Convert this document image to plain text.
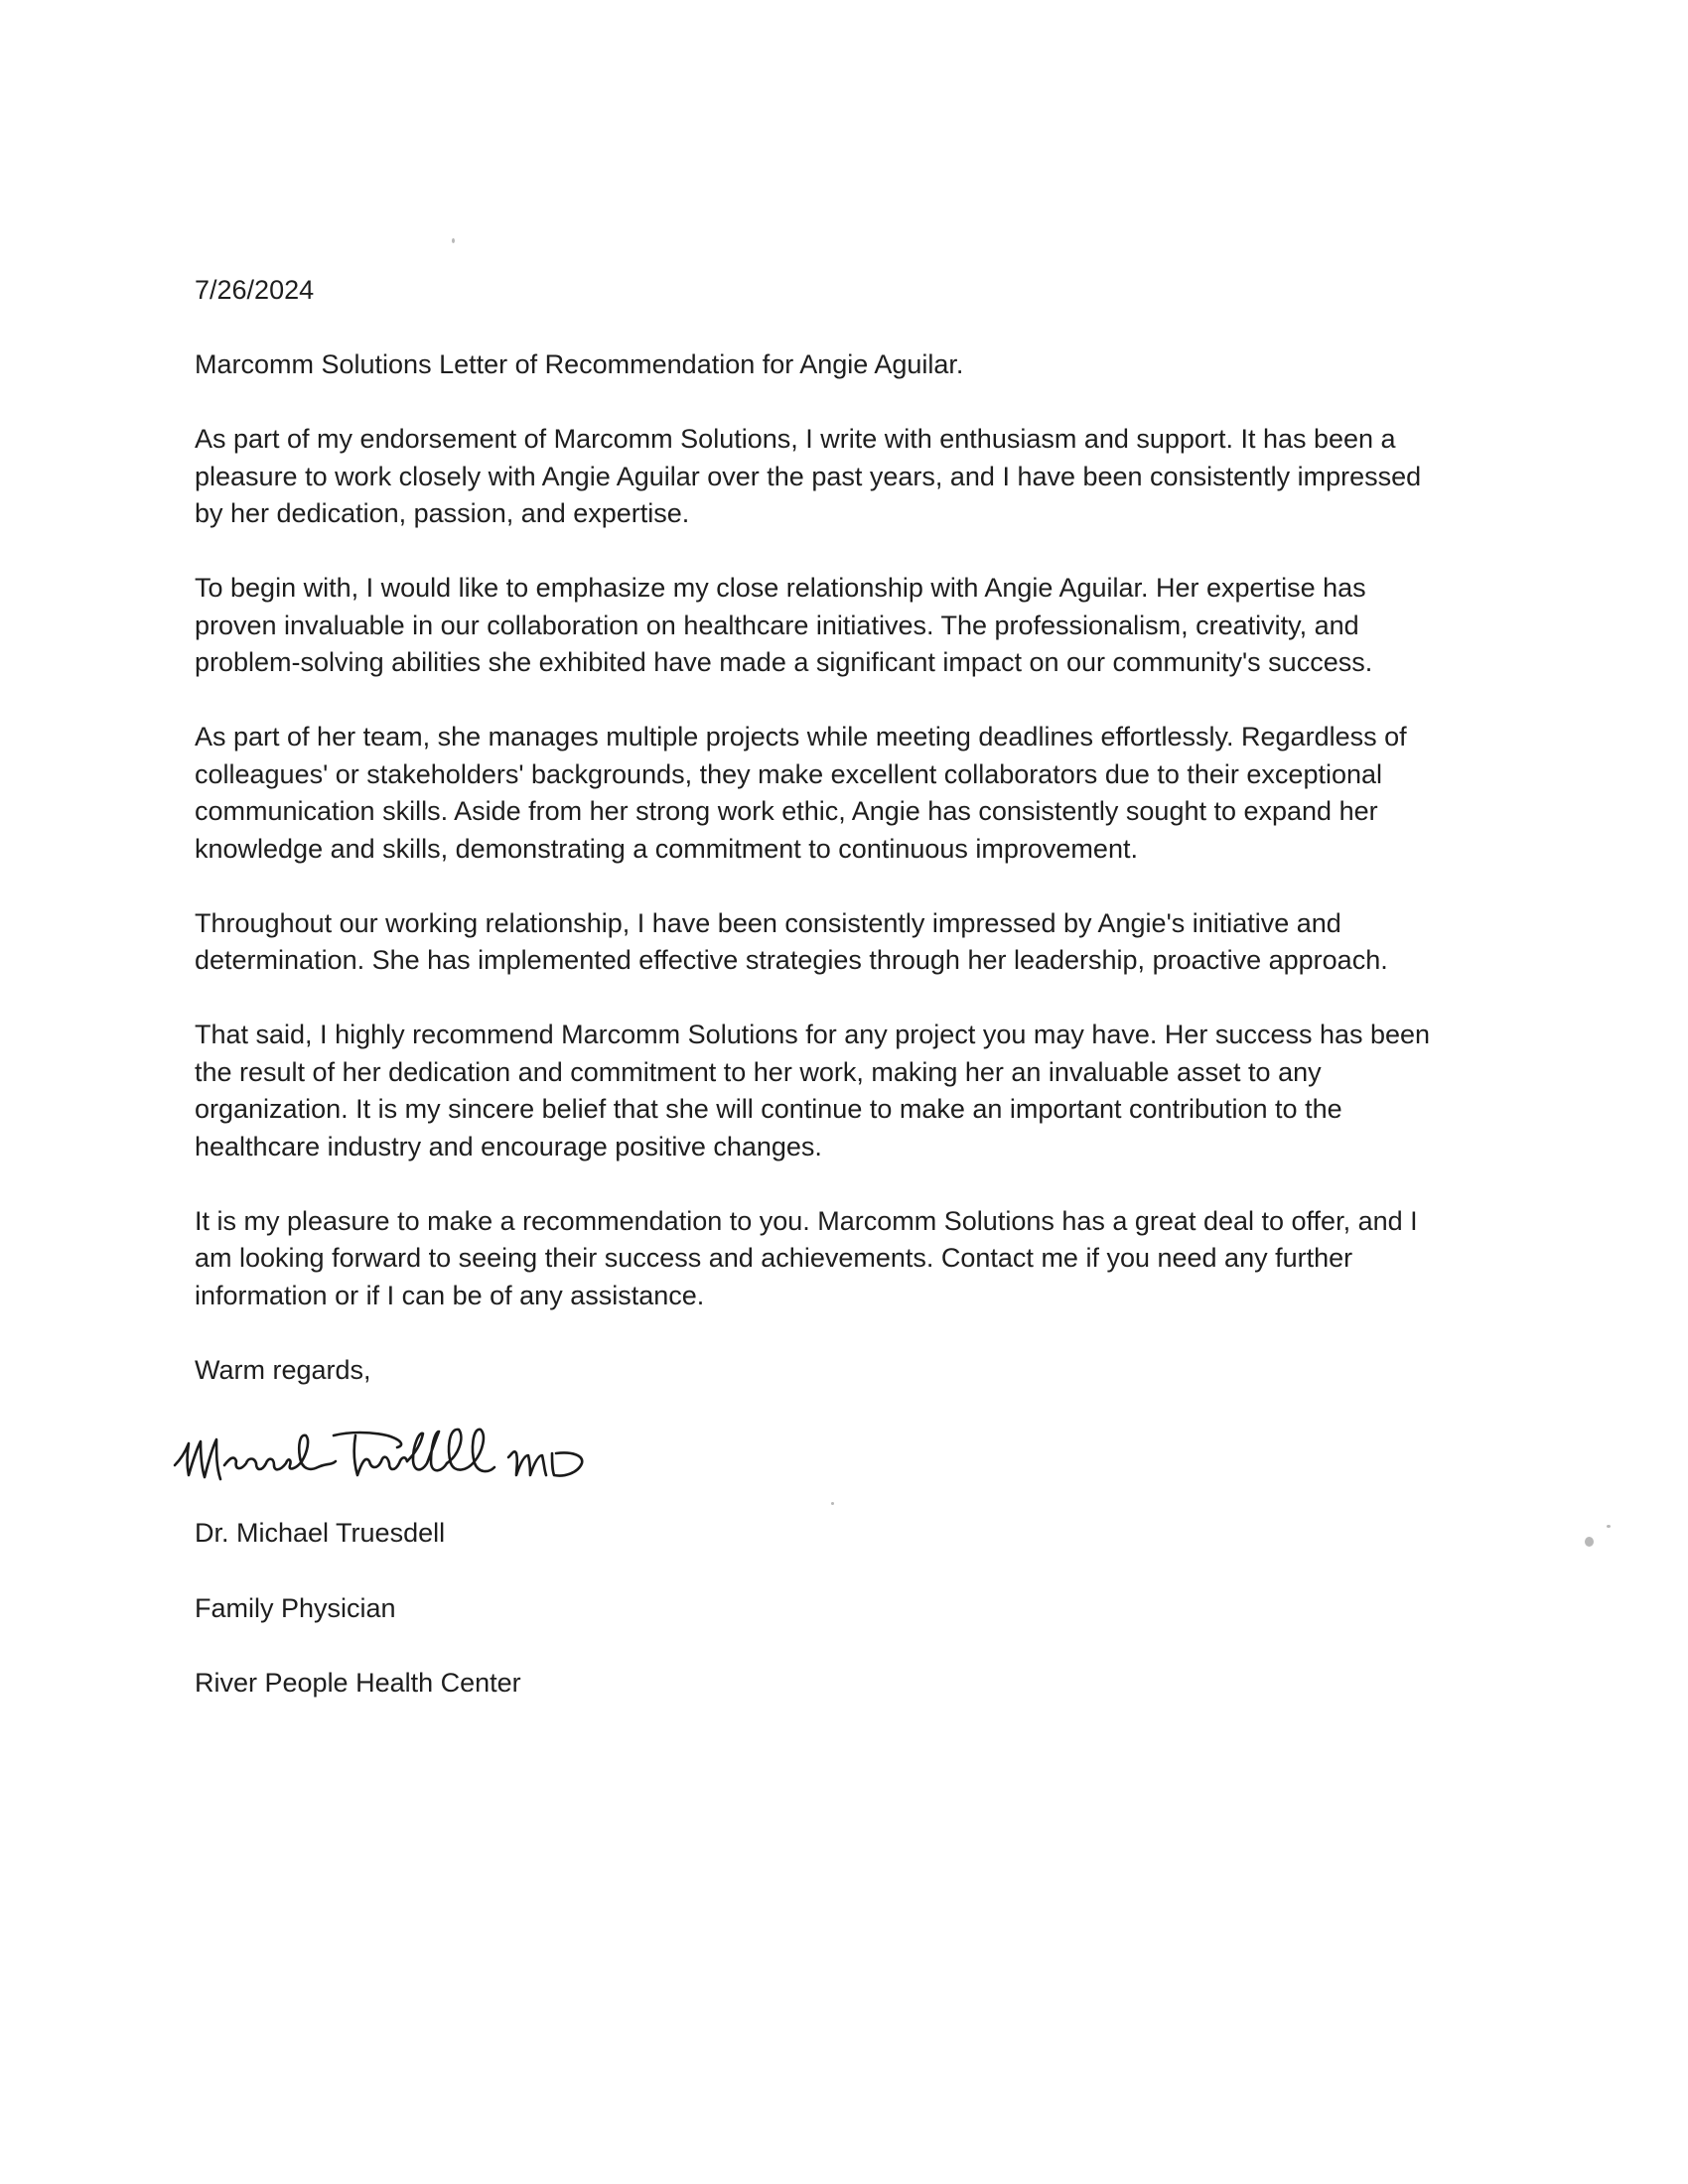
7/26/2024
Marcomm Solutions Letter of Recommendation for Angie Aguilar.
As part of my endorsement of Marcomm Solutions, I write with enthusiasm and support. It has been a
pleasure to work closely with Angie Aguilar over the past years, and I have been consistently impressed
by her dedication, passion, and expertise.
To begin with, I would like to emphasize my close relationship with Angie Aguilar. Her expertise has
proven invaluable in our collaboration on healthcare initiatives. The professionalism, creativity, and
problem-solving abilities she exhibited have made a significant impact on our community's success.
As part of her team, she manages multiple projects while meeting deadlines effortlessly. Regardless of
colleagues' or stakeholders' backgrounds, they make excellent collaborators due to their exceptional
communication skills. Aside from her strong work ethic, Angie has consistently sought to expand her
knowledge and skills, demonstrating a commitment to continuous improvement.
Throughout our working relationship, I have been consistently impressed by Angie's initiative and
determination. She has implemented effective strategies through her leadership, proactive approach.
That said, I highly recommend Marcomm Solutions for any project you may have. Her success has been
the result of her dedication and commitment to her work, making her an invaluable asset to any
organization. It is my sincere belief that she will continue to make an important contribution to the
healthcare industry and encourage positive changes.
It is my pleasure to make a recommendation to you. Marcomm Solutions has a great deal to offer, and I
am looking forward to seeing their success and achievements. Contact me if you need any further
information or if I can be of any assistance.
Warm regards,
Dr. Michael Truesdell
Family Physician
River People Health Center
